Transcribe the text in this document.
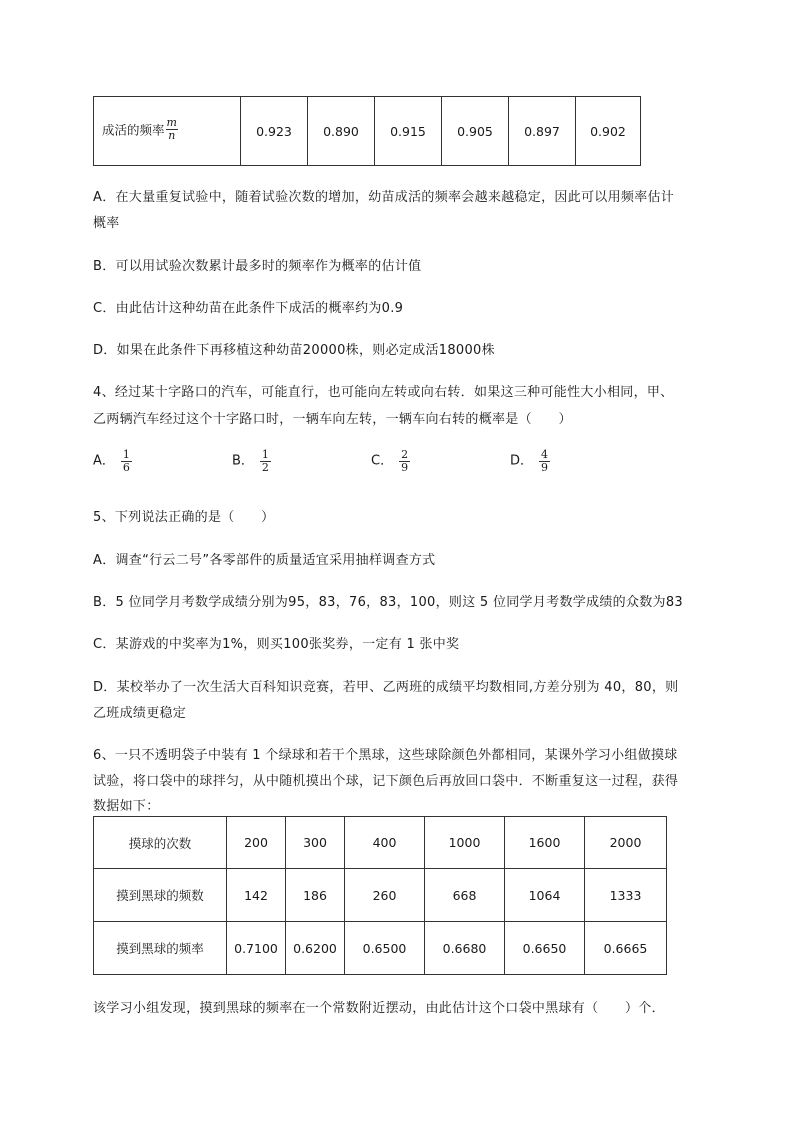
成活的频率 $\frac{m}{n}$	0.923	0.890	0.915	0.905	0.897	0.902
A．在大量重复试验中，随着试验次数的增加，幼苗成活的频率会越来越稳定，因此可以用频率估计
概率
B．可以用试验次数累计最多时的频率作为概率的估计值
C．由此估计这种幼苗在此条件下成活的概率约为0.9
D．如果在此条件下再移植这种幼苗20000株，则必定成活18000株
4、经过某十字路口的汽车，可能直行，也可能向左转或向右转．如果这三种可能性大小相同，甲、
乙两辆汽车经过这个十字路口时，一辆车向左转，一辆车向右转的概率是（　　）
A． $\frac{1}{6}$	B． $\frac{1}{2}$	C． $\frac{2}{9}$	D． $\frac{4}{9}$
5、下列说法正确的是（　　）
A．调查“行云二号”各零部件的质量适宜采用抽样调查方式
B．5 位同学月考数学成绩分别为95，83，76，83，100，则这 5 位同学月考数学成绩的众数为83
C．某游戏的中奖率为1%，则买100张奖券，一定有 1 张中奖
D．某校举办了一次生活大百科知识竞赛，若甲、乙两班的成绩平均数相同,方差分别为 40，80，则
乙班成绩更稳定
6、一只不透明袋子中装有 1 个绿球和若干个黑球，这些球除颜色外都相同，某课外学习小组做摸球
试验，将口袋中的球拌匀，从中随机摸出个球，记下颜色后再放回口袋中．不断重复这一过程，获得
数据如下：
摸球的次数	200	300	400	1000	1600	2000
摸到黑球的频数	142	186	260	668	1064	1333
摸到黑球的频率	0.7100	0.6200	0.6500	0.6680	0.6650	0.6665
该学习小组发现，摸到黑球的频率在一个常数附近摆动，由此估计这个口袋中黑球有（　　）个．
